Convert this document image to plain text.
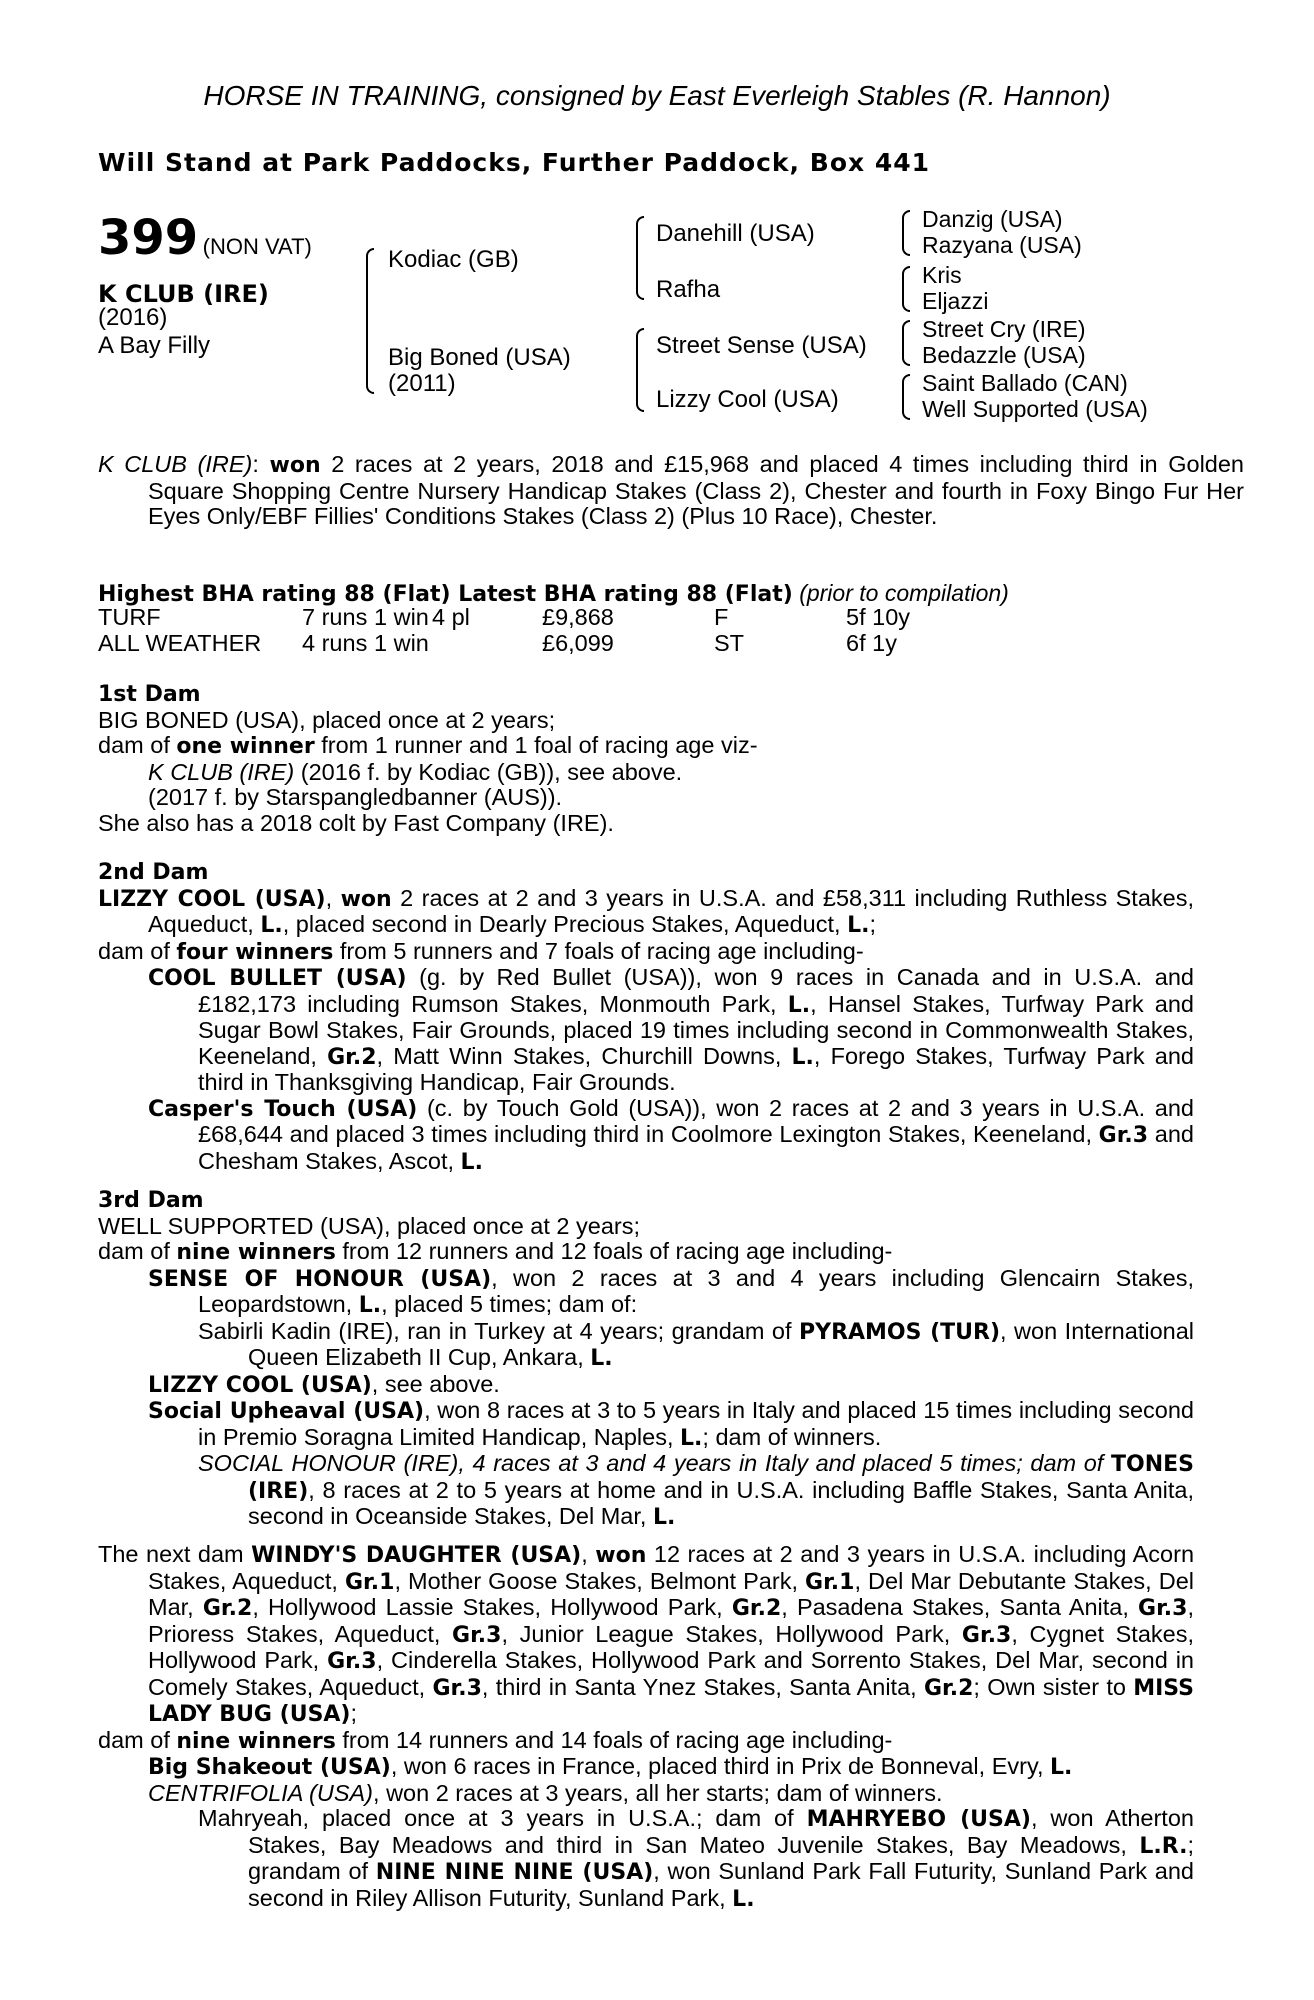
HORSE IN TRAINING, consigned by East Everleigh Stables (R. Hannon)
Will Stand at Park Paddocks, Further Paddock, Box 441
399 (NON VAT)
K CLUB (IRE)
(2016)
A Bay Filly
Kodiac (GB)
Big Boned (USA)
(2011)
Danehill (USA)
Rafha
Street Sense (USA)
Lizzy Cool (USA)
Danzig (USA)
Razyana (USA)
Kris
Eljazzi
Street Cry (IRE)
Bedazzle (USA)
Saint Ballado (CAN)
Well Supported (USA)
K CLUB (IRE): won 2 races at 2 years, 2018 and £15,968 and placed 4 times including third in Golden Square Shopping Centre Nursery Handicap Stakes (Class 2), Chester and fourth in Foxy Bingo Fur Her Eyes Only/EBF Fillies' Conditions Stakes (Class 2) (Plus 10 Race), Chester.
Highest BHA rating 88 (Flat) Latest BHA rating 88 (Flat) (prior to compilation)
TURF	7 runs	1 win	4 pl	£9,868	F	5f 10y
ALL WEATHER	4 runs	1 win		£6,099	ST	6f 1y
1st Dam
BIG BONED (USA), placed once at 2 years;
dam of one winner from 1 runner and 1 foal of racing age viz-
K CLUB (IRE) (2016 f. by Kodiac (GB)), see above.
(2017 f. by Starspangledbanner (AUS)).
She also has a 2018 colt by Fast Company (IRE).
2nd Dam
LIZZY COOL (USA), won 2 races at 2 and 3 years in U.S.A. and £58,311 including Ruthless Stakes, Aqueduct, L., placed second in Dearly Precious Stakes, Aqueduct, L.;
dam of four winners from 5 runners and 7 foals of racing age including-
COOL BULLET (USA) (g. by Red Bullet (USA)), won 9 races in Canada and in U.S.A. and £182,173 including Rumson Stakes, Monmouth Park, L., Hansel Stakes, Turfway Park and Sugar Bowl Stakes, Fair Grounds, placed 19 times including second in Commonwealth Stakes, Keeneland, Gr.2, Matt Winn Stakes, Churchill Downs, L., Forego Stakes, Turfway Park and third in Thanksgiving Handicap, Fair Grounds.
Casper's Touch (USA) (c. by Touch Gold (USA)), won 2 races at 2 and 3 years in U.S.A. and £68,644 and placed 3 times including third in Coolmore Lexington Stakes, Keeneland, Gr.3 and Chesham Stakes, Ascot, L.
3rd Dam
WELL SUPPORTED (USA), placed once at 2 years;
dam of nine winners from 12 runners and 12 foals of racing age including-
SENSE OF HONOUR (USA), won 2 races at 3 and 4 years including Glencairn Stakes, Leopardstown, L., placed 5 times; dam of:
Sabirli Kadin (IRE), ran in Turkey at 4 years; grandam of PYRAMOS (TUR), won International Queen Elizabeth II Cup, Ankara, L.
LIZZY COOL (USA), see above.
Social Upheaval (USA), won 8 races at 3 to 5 years in Italy and placed 15 times including second in Premio Soragna Limited Handicap, Naples, L.; dam of winners.
SOCIAL HONOUR (IRE), 4 races at 3 and 4 years in Italy and placed 5 times; dam of TONES (IRE), 8 races at 2 to 5 years at home and in U.S.A. including Baffle Stakes, Santa Anita, second in Oceanside Stakes, Del Mar, L.
The next dam WINDY'S DAUGHTER (USA), won 12 races at 2 and 3 years in U.S.A. including Acorn Stakes, Aqueduct, Gr.1, Mother Goose Stakes, Belmont Park, Gr.1, Del Mar Debutante Stakes, Del Mar, Gr.2, Hollywood Lassie Stakes, Hollywood Park, Gr.2, Pasadena Stakes, Santa Anita, Gr.3, Prioress Stakes, Aqueduct, Gr.3, Junior League Stakes, Hollywood Park, Gr.3, Cygnet Stakes, Hollywood Park, Gr.3, Cinderella Stakes, Hollywood Park and Sorrento Stakes, Del Mar, second in Comely Stakes, Aqueduct, Gr.3, third in Santa Ynez Stakes, Santa Anita, Gr.2; Own sister to MISS LADY BUG (USA);
dam of nine winners from 14 runners and 14 foals of racing age including-
Big Shakeout (USA), won 6 races in France, placed third in Prix de Bonneval, Evry, L.
CENTRIFOLIA (USA), won 2 races at 3 years, all her starts; dam of winners.
Mahryeah, placed once at 3 years in U.S.A.; dam of MAHRYEBO (USA), won Atherton Stakes, Bay Meadows and third in San Mateo Juvenile Stakes, Bay Meadows, L.R.; grandam of NINE NINE NINE (USA), won Sunland Park Fall Futurity, Sunland Park and second in Riley Allison Futurity, Sunland Park, L.
